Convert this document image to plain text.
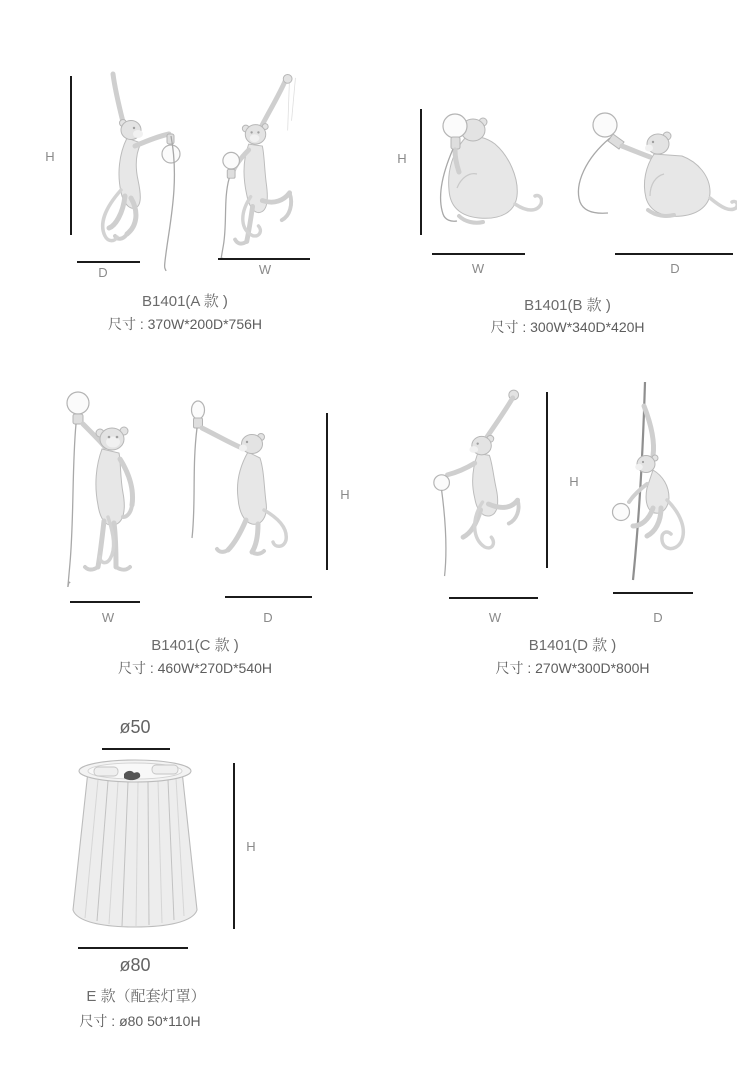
H
D	W
B1401(A 款 )
尺寸 : 370W*200D*756H
H
W	D
B1401(B 款 )
尺寸 : 300W*340D*420H
H
W	D
B1401(C 款 )
尺寸 : 460W*270D*540H
H
W	D
B1401(D 款 )
尺寸 : 270W*300D*800H
ø50
H
ø80
E 款（配套灯罩）
尺寸 : ø80 50*110H
